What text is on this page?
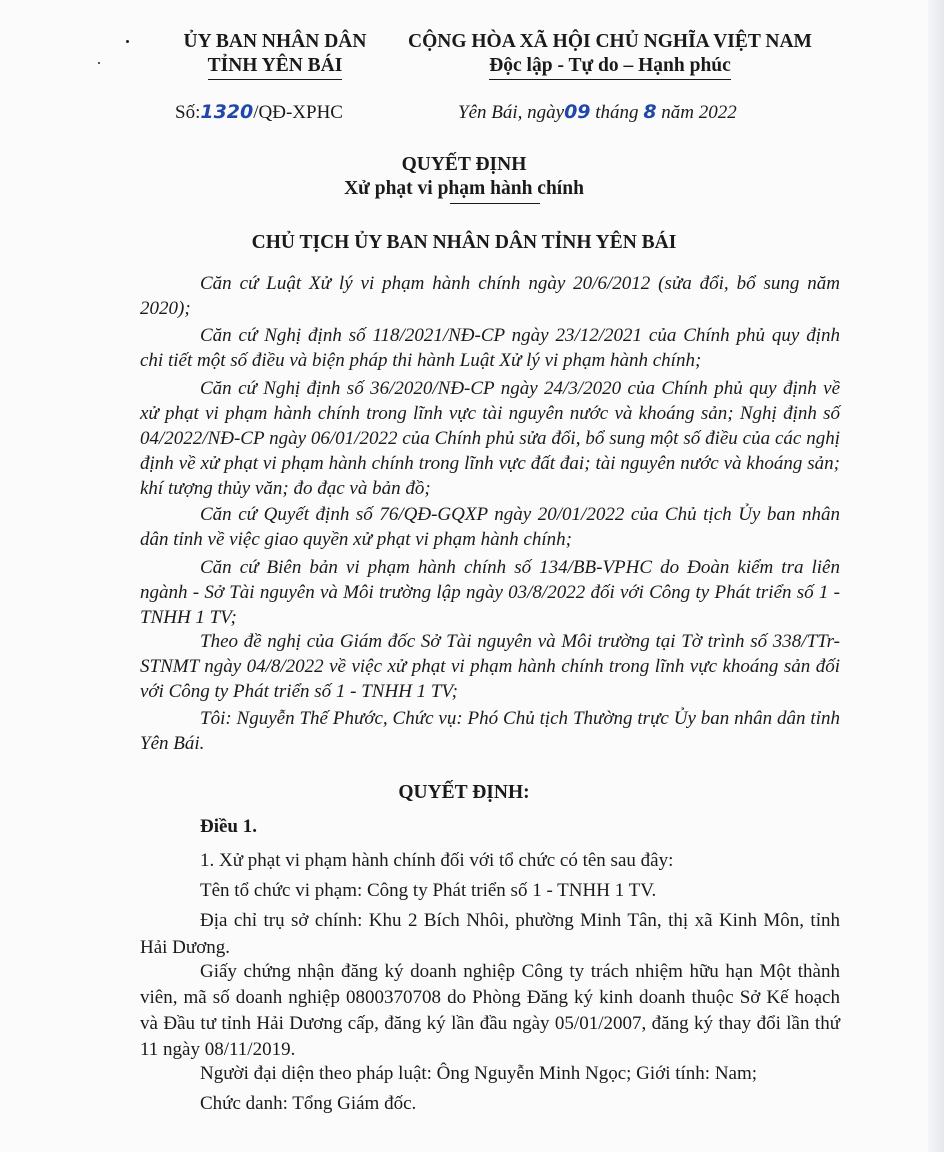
ỦY BAN NHÂN DÂN
TỈNH YÊN BÁI
CỘNG HÒA XÃ HỘI CHỦ NGHĨA VIỆT NAM
Độc lập - Tự do – Hạnh phúc
Số:1320/QĐ-XPHC	Yên Bái, ngày09 tháng 8 năm 2022
QUYẾT ĐỊNH
Xử phạt vi phạm hành chính
CHỦ TỊCH ỦY BAN NHÂN DÂN TỈNH YÊN BÁI
Căn cứ Luật Xử lý vi phạm hành chính ngày 20/6/2012 (sửa đổi, bổ sung năm 2020);
Căn cứ Nghị định số 118/2021/NĐ-CP ngày 23/12/2021 của Chính phủ quy định chi tiết một số điều và biện pháp thi hành Luật Xử lý vi phạm hành chính;
Căn cứ Nghị định số 36/2020/NĐ-CP ngày 24/3/2020 của Chính phủ quy định về xử phạt vi phạm hành chính trong lĩnh vực tài nguyên nước và khoáng sản; Nghị định số 04/2022/NĐ-CP ngày 06/01/2022 của Chính phủ sửa đổi, bổ sung một số điều của các nghị định về xử phạt vi phạm hành chính trong lĩnh vực đất đai; tài nguyên nước và khoáng sản; khí tượng thủy văn; đo đạc và bản đồ;
Căn cứ Quyết định số 76/QĐ-GQXP ngày 20/01/2022 của Chủ tịch Ủy ban nhân dân tỉnh về việc giao quyền xử phạt vi phạm hành chính;
Căn cứ Biên bản vi phạm hành chính số 134/BB-VPHC do Đoàn kiểm tra liên ngành - Sở Tài nguyên và Môi trường lập ngày 03/8/2022 đối với Công ty Phát triển số 1 - TNHH 1 TV;
Theo đề nghị của Giám đốc Sở Tài nguyên và Môi trường tại Tờ trình số 338/TTr-STNMT ngày 04/8/2022 về việc xử phạt vi phạm hành chính trong lĩnh vực khoáng sản đối với Công ty Phát triển số 1 - TNHH 1 TV;
Tôi: Nguyễn Thế Phước, Chức vụ: Phó Chủ tịch Thường trực Ủy ban nhân dân tỉnh Yên Bái.
QUYẾT ĐỊNH:
Điều 1.
1. Xử phạt vi phạm hành chính đối với tổ chức có tên sau đây:
Tên tổ chức vi phạm: Công ty Phát triển số 1 - TNHH 1 TV.
Địa chỉ trụ sở chính: Khu 2 Bích Nhôi, phường Minh Tân, thị xã Kinh Môn, tỉnh Hải Dương.
Giấy chứng nhận đăng ký doanh nghiệp Công ty trách nhiệm hữu hạn Một thành viên, mã số doanh nghiệp 0800370708 do Phòng Đăng ký kinh doanh thuộc Sở Kế hoạch và Đầu tư tỉnh Hải Dương cấp, đăng ký lần đầu ngày 05/01/2007, đăng ký thay đổi lần thứ 11 ngày 08/11/2019.
Người đại diện theo pháp luật: Ông Nguyễn Minh Ngọc; Giới tính: Nam;
Chức danh: Tổng Giám đốc.
